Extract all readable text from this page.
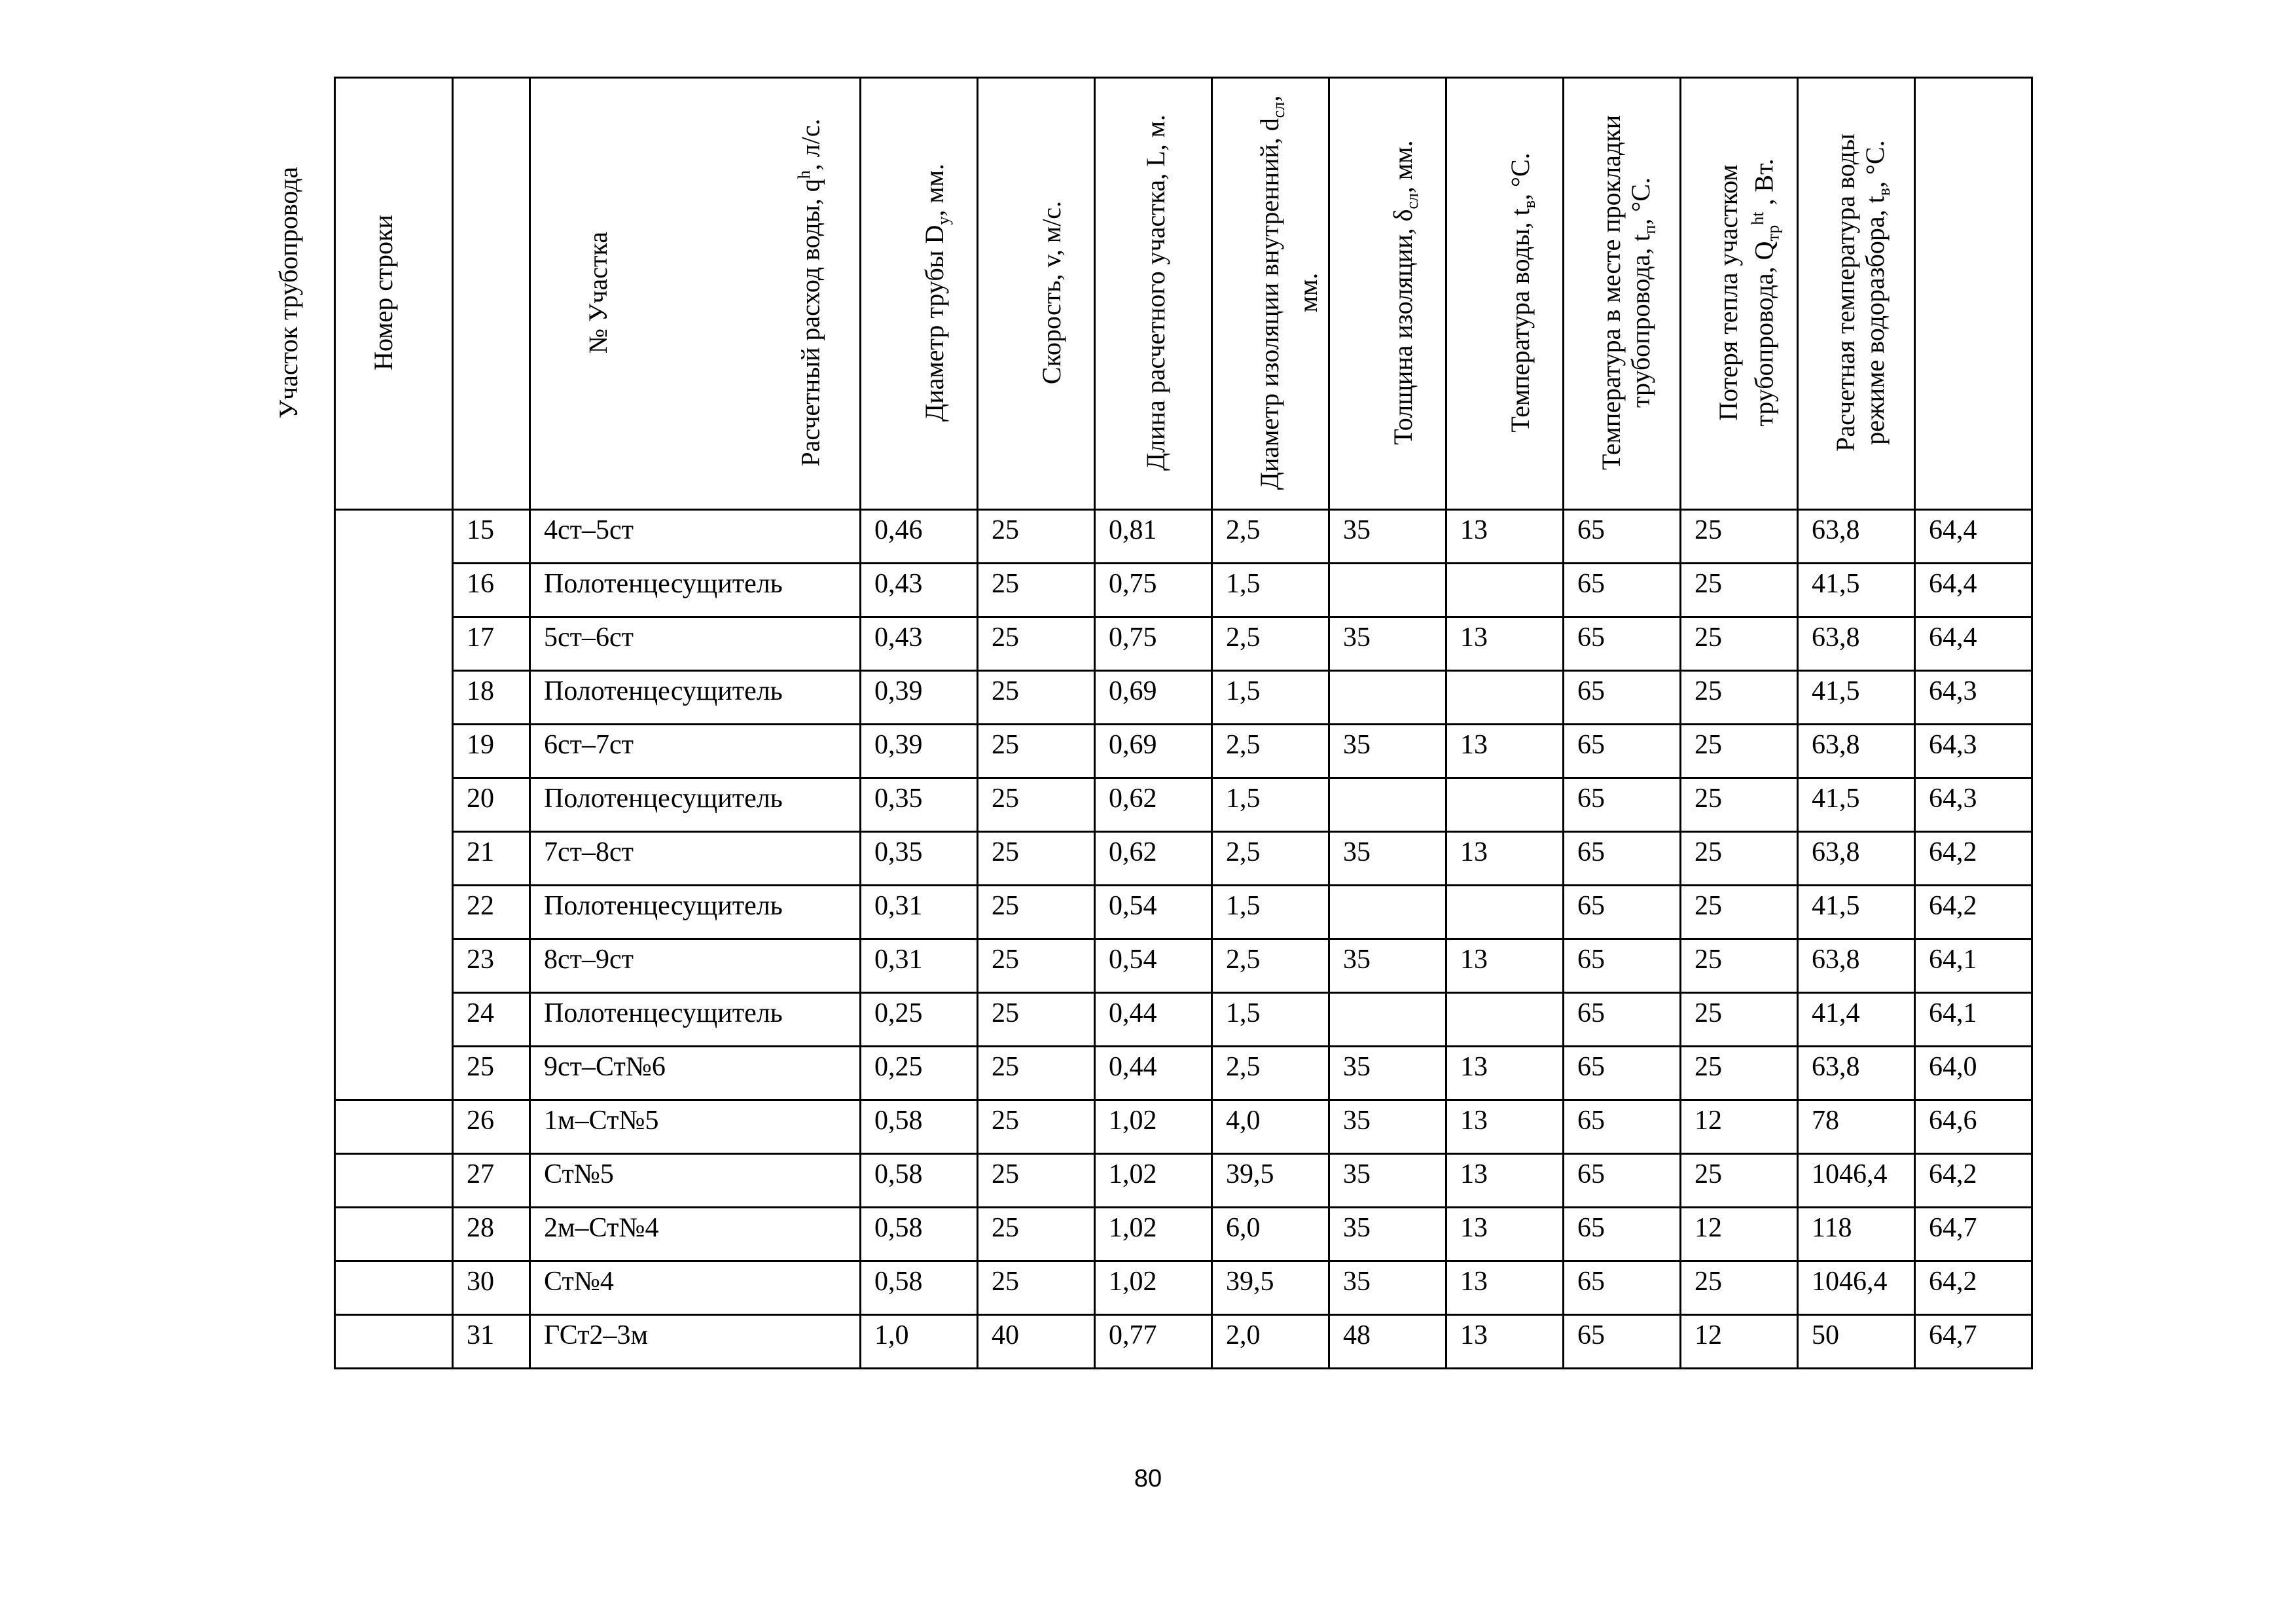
Участок трубопровода	Номер строки	№ Участка	Расчетный расход воды, $q^h$, л/с.	Диаметр трубы $D_у$, мм.	Скорость, v, м/с.	Длина расчетного участка, L, м.	Диаметр изоляции внутренний, $d_{сл}$, мм.	Толщина изоляции, $\delta_{сл}$, мм.	Температура воды, $t_в$, °С.	Температура в месте прокладки трубопровода, $t_п$, °С.	Потеря тепла участком трубопровода, $Q_{тр}^{ht}$ , Вт.	Расчетная температура воды режиме водоразбора, $t_в$, °С.

	15	4ст–5ст	0,46	25	0,81	2,5	35	13	65	25	63,8	64,4
	16	Полотенцесущитель	0,43	25	0,75	1,5			65	25	41,5	64,4
	17	5ст–6ст	0,43	25	0,75	2,5	35	13	65	25	63,8	64,4
	18	Полотенцесущитель	0,39	25	0,69	1,5			65	25	41,5	64,3
	19	6ст–7ст	0,39	25	0,69	2,5	35	13	65	25	63,8	64,3
	20	Полотенцесущитель	0,35	25	0,62	1,5			65	25	41,5	64,3
	21	7ст–8ст	0,35	25	0,62	2,5	35	13	65	25	63,8	64,2
	22	Полотенцесущитель	0,31	25	0,54	1,5			65	25	41,5	64,2
	23	8ст–9ст	0,31	25	0,54	2,5	35	13	65	25	63,8	64,1
	24	Полотенцесущитель	0,25	25	0,44	1,5			65	25	41,4	64,1
	25	9ст–Ст№6	0,25	25	0,44	2,5	35	13	65	25	63,8	64,0
	26	1м–Ст№5	0,58	25	1,02	4,0	35	13	65	12	78	64,6
	27	Ст№5	0,58	25	1,02	39,5	35	13	65	25	1046,4	64,2
	28	2м–Ст№4	0,58	25	1,02	6,0	35	13	65	12	118	64,7
	30	Ст№4	0,58	25	1,02	39,5	35	13	65	25	1046,4	64,2
	31	ГСт2–3м	1,0	40	0,77	2,0	48	13	65	12	50	64,7
80
